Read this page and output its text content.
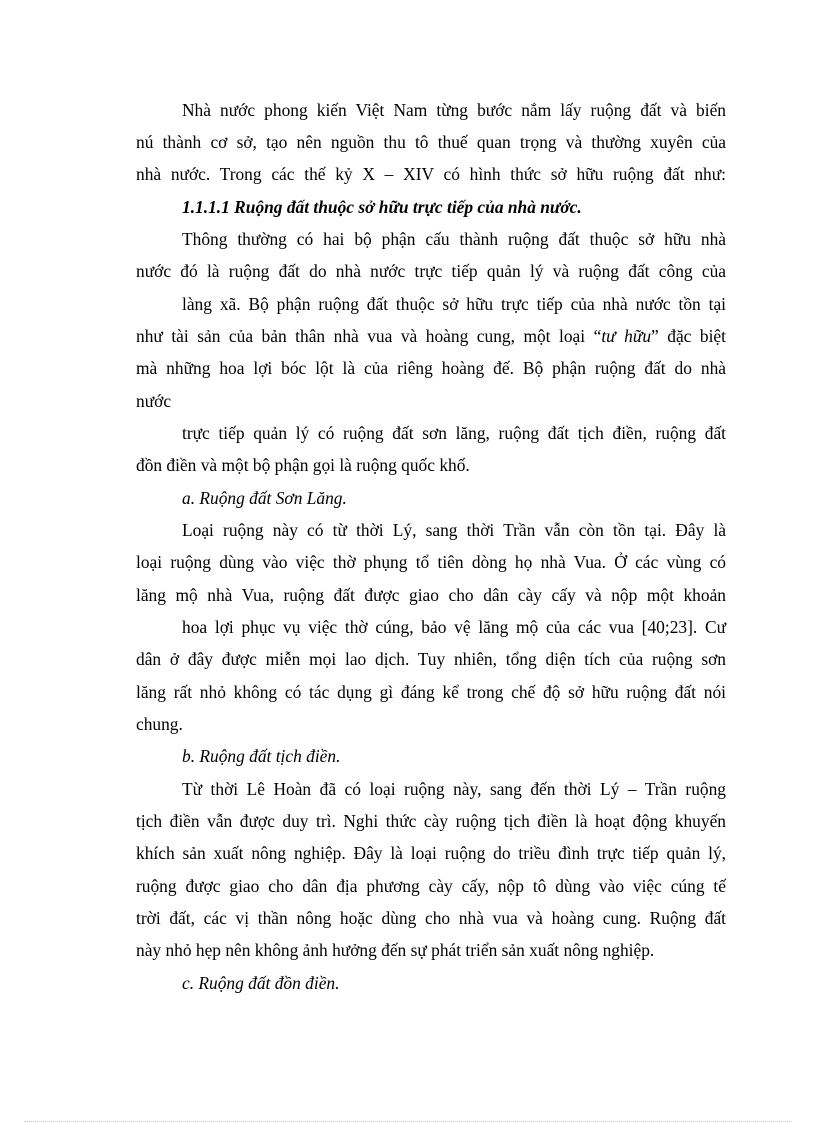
Nhà nước phong kiến Việt Nam từng bước nắm lấy ruộng đất và biến
nú thành cơ sở, tạo nên nguồn thu tô thuế quan trọng và thường xuyên của
nhà nước. Trong các thế kỷ X – XIV có hình thức sở hữu ruộng đất như:
1.1.1.1 Ruộng đất thuộc sở hữu trực tiếp của nhà nước.
Thông thường có hai bộ phận cấu thành ruộng đất thuộc sở hữu nhà
nước đó là ruộng đất do nhà nước trực tiếp quản lý và ruộng đất công của
làng xã. Bộ phận ruộng đất thuộc sở hữu trực tiếp của nhà nước tồn tại
như tài sản của bản thân nhà vua và hoàng cung, một loại “tư hữu” đặc biệt
mà những hoa lợi bóc lột là của riêng hoàng đế. Bộ phận ruộng đất do nhà
nước
trực tiếp quản lý có ruộng đất sơn lăng, ruộng đất tịch điền, ruộng đất
đồn điền và một bộ phận gọi là ruộng quốc khố.
a. Ruộng đất Sơn Lăng.
Loại ruộng này có từ thời Lý, sang thời Trần vẫn còn tồn tại. Đây là
loại ruộng dùng vào việc thờ phụng tổ tiên dòng họ nhà Vua. Ở các vùng có
lăng mộ nhà Vua, ruộng đất được giao cho dân cày cấy và nộp một khoản
hoa lợi phục vụ việc thờ cúng, bảo vệ lăng mộ của các vua [40;23]. Cư
dân ở đây được miễn mọi lao dịch. Tuy nhiên, tổng diện tích của ruộng sơn
lăng rất nhỏ không có tác dụng gì đáng kể trong chế độ sở hữu ruộng đất nói
chung.
b. Ruộng đất tịch điền.
Từ thời Lê Hoàn đã có loại ruộng này, sang đến thời Lý – Trần ruộng
tịch điền vẫn được duy trì. Nghi thức cày ruộng tịch điền là hoạt động khuyến
khích sản xuất nông nghiệp. Đây là loại ruộng do triều đình trực tiếp quản lý,
ruộng được giao cho dân địa phương cày cấy, nộp tô dùng vào việc cúng tế
trời đất, các vị thần nông hoặc dùng cho nhà vua và hoàng cung. Ruộng đất
này nhỏ hẹp nên không ảnh hưởng đến sự phát triển sản xuất nông nghiệp.
c. Ruộng đất đồn điền.
